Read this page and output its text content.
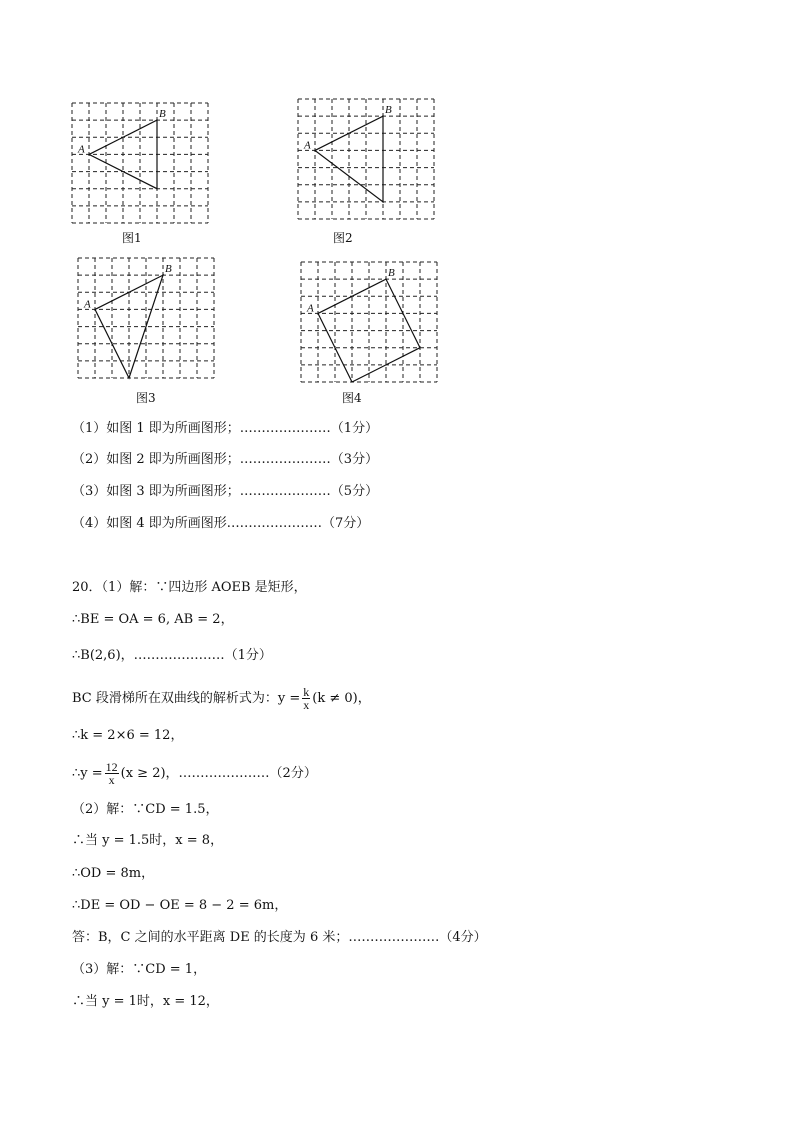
A
B
图1
A
B
图2
A
B
图3
A
B
图4
（1）如图 1 即为所画图形；…………………（1分）
（2）如图 2 即为所画图形；…………………（3分）
（3）如图 3 即为所画图形；…………………（5分）
（4）如图 4 即为所画图形.…………………（7分）
20．（1）解：∵四边形 AOEB 是矩形，
∴BE = OA = 6, AB = 2，
∴B(2,6)，…………………（1分）
BC 段滑梯所在双曲线的解析式为：$y = \frac{k}{x} (k \ne 0)$，
∴k = 2×6 = 12，
∴y = $\frac{12}{x} (x \ge 2)$，…………………（2分）
（2）解：∵CD = 1.5，
∴当 y = 1.5时，x = 8，
∴OD = 8m，
∴DE = OD − OE = 8 − 2 = 6m，
答：B，C 之间的水平距离 DE 的长度为 6 米；…………………（4分）
（3）解：∵CD = 1，
∴当 y = 1时，x = 12，
